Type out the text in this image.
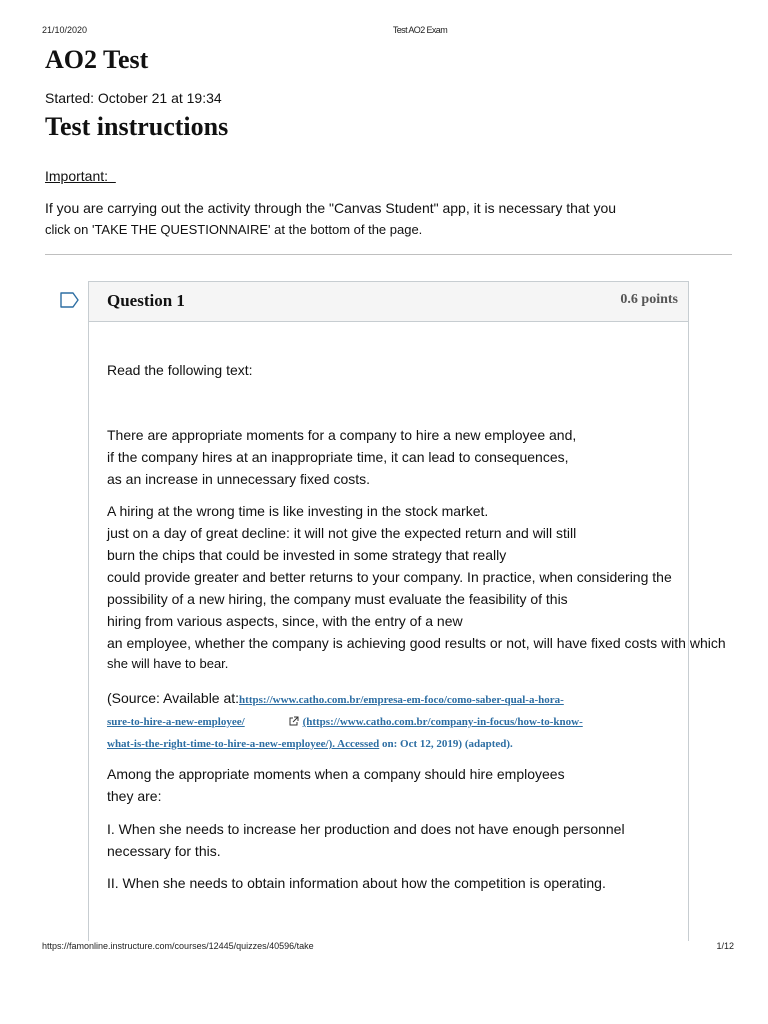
21/10/2020	Test AO2 Exam
https://famonline.instructure.com/courses/12445/quizzes/40596/take	1/12
AO2 Test
Started: October 21 at 19:34
Test instructions
Important:
If you are carrying out the activity through the "Canvas Student" app, it is necessary that you
click on 'TAKE THE QUESTIONNAIRE' at the bottom of the page.
Question 1	0.6 points
Read the following text:
There are appropriate moments for a company to hire a new employee and,
if the company hires at an inappropriate time, it can lead to consequences,
as an increase in unnecessary fixed costs.
A hiring at the wrong time is like investing in the stock market.
just on a day of great decline: it will not give the expected return and will still
burn the chips that could be invested in some strategy that really
could provide greater and better returns to your company. In practice, when considering the
possibility of a new hiring, the company must evaluate the feasibility of this
hiring from various aspects, since, with the entry of a new
an employee, whether the company is achieving good results or not, will have fixed costs with which
she will have to bear.
(Source: Available at:https://www.catho.com.br/empresa-em-foco/como-saber-qual-a-hora-
sure-to-hire-a-new-employee/	(https://www.catho.com.br/company-in-focus/how-to-know-
what-is-the-right-time-to-hire-a-new-employee/). Accessed on: Oct 12, 2019) (adapted).
Among the appropriate moments when a company should hire employees
they are:
I. When she needs to increase her production and does not have enough personnel
necessary for this.
II. When she needs to obtain information about how the competition is operating.
